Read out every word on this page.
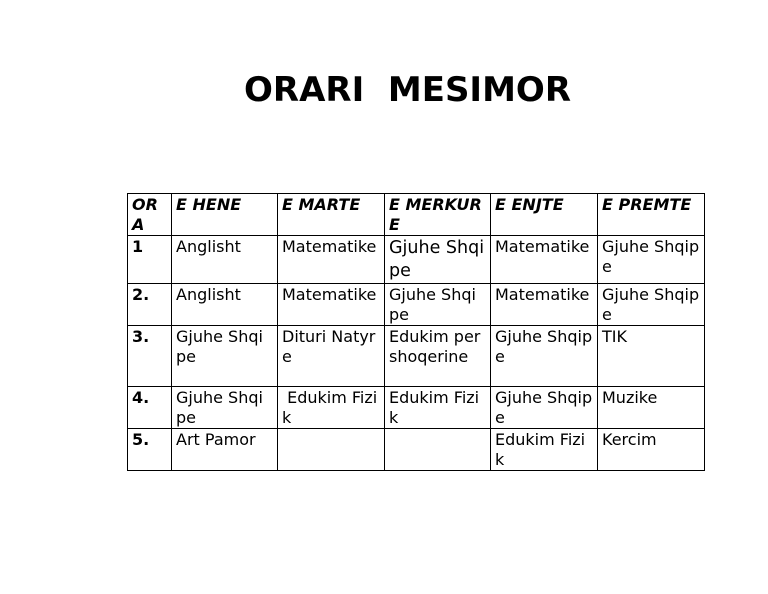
ORARI  MESIMOR
OR A	E HENE	E MARTE	E MERKURE	E ENJTE	E PREMTE
1	Anglisht	Matematike	Gjuhe Shqipe	Matematike	Gjuhe Shqipe
2.	Anglisht	Matematike	Gjuhe Shqipe	Matematike	Gjuhe Shqipe
3.	Gjuhe Shqipe	Dituri Natyre	Edukim per shoqerine	Gjuhe Shqipe	TIK
4.	Gjuhe Shqipe	Edukim Fizik	Edukim Fizik	Gjuhe Shqipe	Muzike
5.	Art Pamor			Edukim Fizik	Kercim
